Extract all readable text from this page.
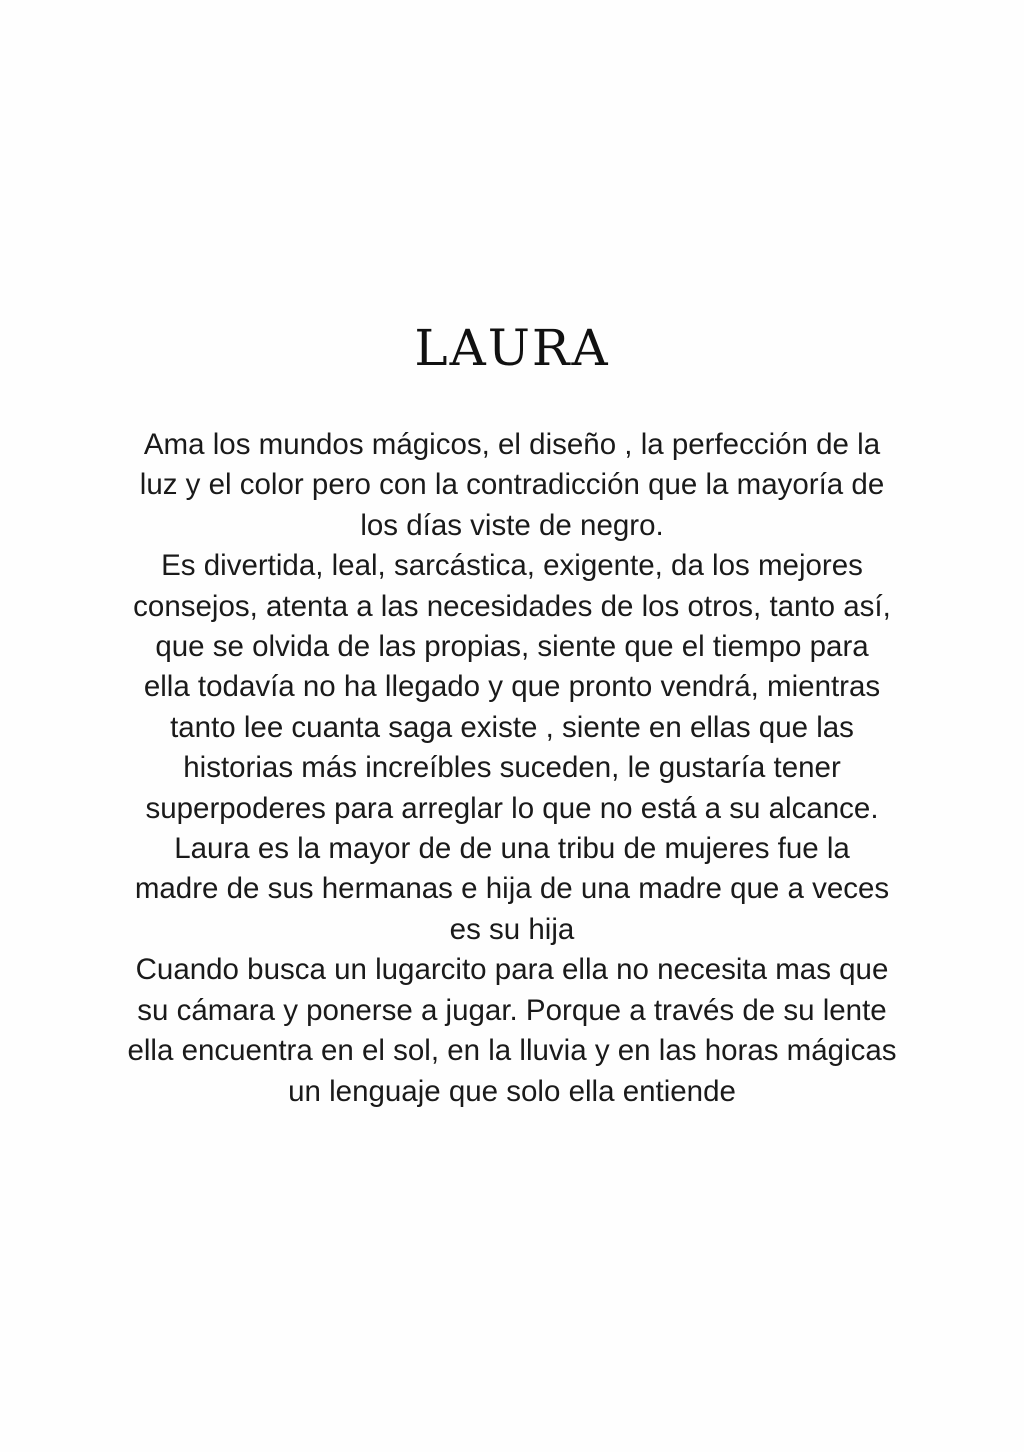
LAURA
Ama los mundos mágicos, el diseño , la perfección de la
luz y el color pero con la contradicción que la mayoría de
los días viste de negro.
Es divertida, leal, sarcástica, exigente, da los mejores
consejos, atenta a las necesidades de los otros, tanto así,
que se olvida de las propias, siente que el tiempo para
ella todavía no ha llegado y que pronto vendrá, mientras
tanto lee cuanta saga existe , siente en ellas que las
historias más increíbles suceden, le gustaría tener
superpoderes para arreglar lo que no está a su alcance.
Laura es la mayor de de una tribu de mujeres fue la
madre de sus hermanas e hija de una madre que a veces
es su hija
Cuando busca un lugarcito para ella no necesita mas que
su cámara y ponerse a jugar. Porque a través de su lente
ella encuentra en el sol, en la lluvia y en las horas mágicas
un lenguaje que solo ella entiende
